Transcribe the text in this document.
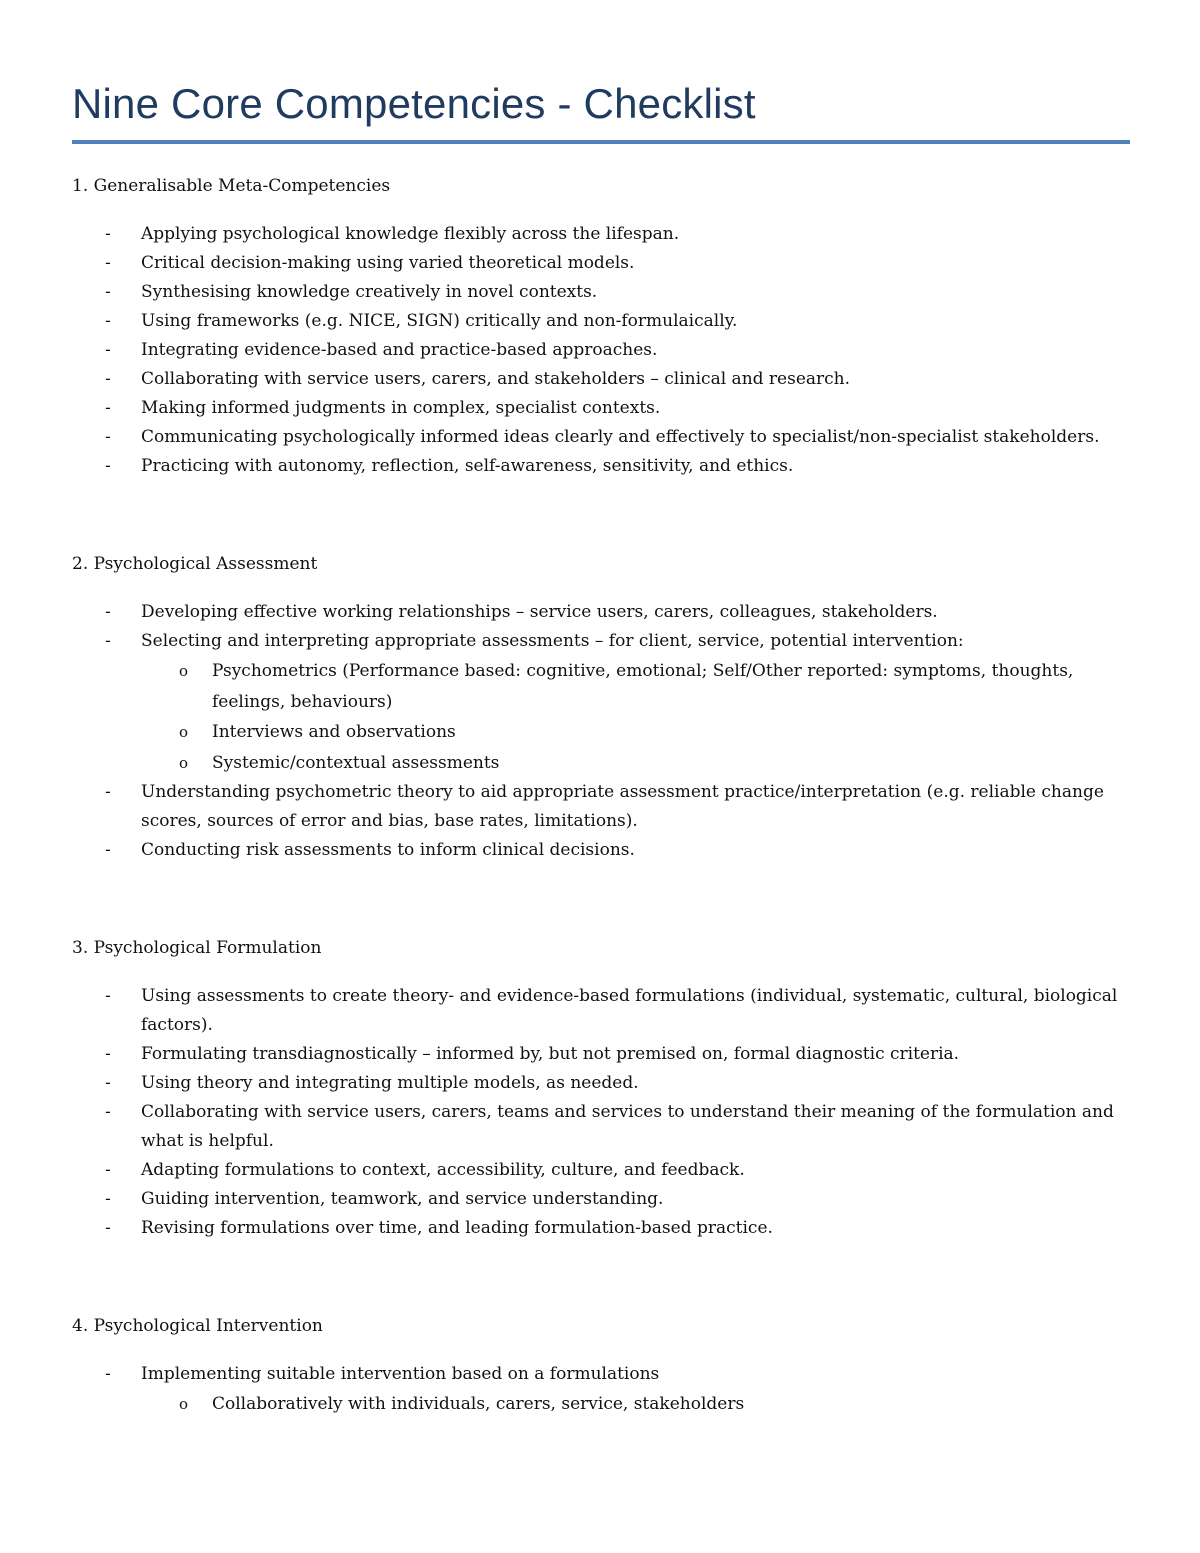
Nine Core Competencies - Checklist
1. Generalisable Meta-Competencies
- Applying psychological knowledge flexibly across the lifespan.
- Critical decision-making using varied theoretical models.
- Synthesising knowledge creatively in novel contexts.
- Using frameworks (e.g. NICE, SIGN) critically and non-formulaically.
- Integrating evidence-based and practice-based approaches.
- Collaborating with service users, carers, and stakeholders – clinical and research.
- Making informed judgments in complex, specialist contexts.
- Communicating psychologically informed ideas clearly and effectively to specialist/non-specialist stakeholders.
- Practicing with autonomy, reflection, self-awareness, sensitivity, and ethics.
2. Psychological Assessment
- Developing effective working relationships – service users, carers, colleagues, stakeholders.
- Selecting and interpreting appropriate assessments – for client, service, potential intervention:
o Psychometrics (Performance based: cognitive, emotional; Self/Other reported: symptoms, thoughts, feelings, behaviours)
o Interviews and observations
o Systemic/contextual assessments
- Understanding psychometric theory to aid appropriate assessment practice/interpretation (e.g. reliable change scores, sources of error and bias, base rates, limitations).
- Conducting risk assessments to inform clinical decisions.
3. Psychological Formulation
- Using assessments to create theory- and evidence-based formulations (individual, systematic, cultural, biological factors).
- Formulating transdiagnostically – informed by, but not premised on, formal diagnostic criteria.
- Using theory and integrating multiple models, as needed.
- Collaborating with service users, carers, teams and services to understand their meaning of the formulation and what is helpful.
- Adapting formulations to context, accessibility, culture, and feedback.
- Guiding intervention, teamwork, and service understanding.
- Revising formulations over time, and leading formulation-based practice.
4. Psychological Intervention
- Implementing suitable intervention based on a formulations
o Collaboratively with individuals, carers, service, stakeholders
